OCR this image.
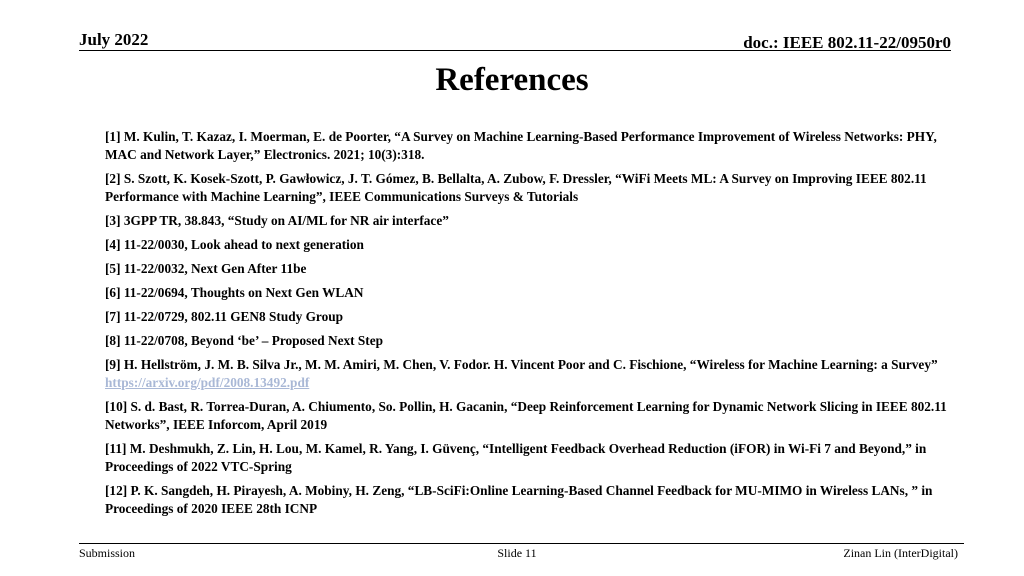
July 2022	doc.: IEEE 802.11-22/0950r0
References
[1] M. Kulin, T. Kazaz, I. Moerman, E. de Poorter, “A Survey on Machine Learning-Based Performance Improvement of Wireless Networks: PHY, MAC and Network Layer,” Electronics. 2021; 10(3):318.
[2] S. Szott, K. Kosek-Szott, P. Gawłowicz, J. T. Gómez, B. Bellalta, A. Zubow, F. Dressler, “WiFi Meets ML: A Survey on Improving IEEE 802.11 Performance with Machine Learning”, IEEE Communications Surveys & Tutorials
[3] 3GPP TR, 38.843, “Study on AI/ML for NR air interface”
[4] 11-22/0030, Look ahead to next generation
[5] 11-22/0032, Next Gen After 11be
[6] 11-22/0694, Thoughts on Next Gen WLAN
[7] 11-22/0729, 802.11 GEN8 Study Group
[8] 11-22/0708, Beyond ‘be’ – Proposed Next Step
[9] H. Hellström, J. M. B. Silva Jr., M. M. Amiri, M. Chen, V. Fodor. H. Vincent Poor and C. Fischione, “Wireless for Machine Learning: a Survey” https://arxiv.org/pdf/2008.13492.pdf
[10] S. d. Bast, R. Torrea-Duran, A. Chiumento, So. Pollin, H. Gacanin, “Deep Reinforcement Learning for Dynamic Network Slicing in IEEE 802.11 Networks”, IEEE Inforcom, April 2019
[11] M. Deshmukh, Z. Lin, H. Lou, M. Kamel, R. Yang, I. Güvenç, “Intelligent Feedback Overhead Reduction (iFOR) in Wi-Fi 7 and Beyond,” in Proceedings of 2022 VTC-Spring
[12] P. K. Sangdeh, H. Pirayesh, A. Mobiny, H. Zeng, “LB-SciFi:Online Learning-Based Channel Feedback for MU-MIMO in Wireless LANs, ” in Proceedings of 2020 IEEE 28th ICNP
Submission	Slide 11	Zinan Lin (InterDigital)
